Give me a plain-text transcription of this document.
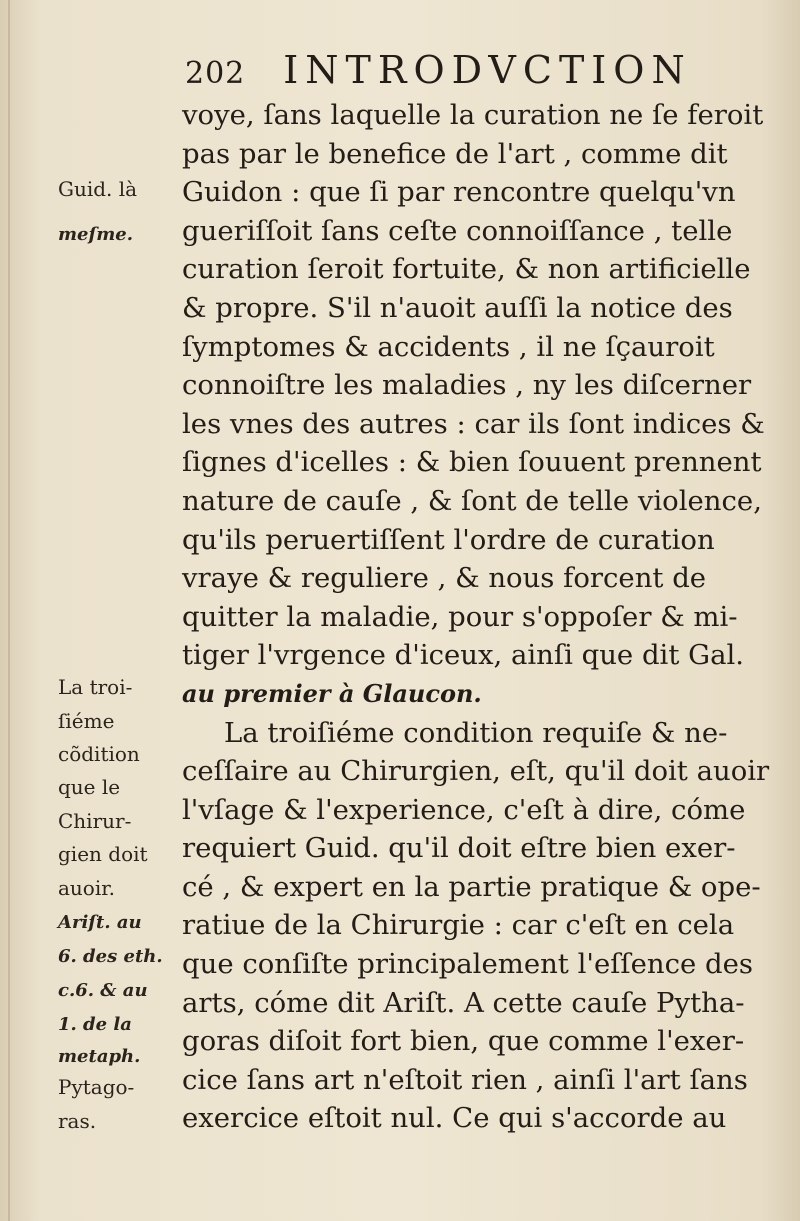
202 INTRODVCTION
Guid. là
meſme.
La troi-
ſiéme
cõdition
que le
Chirur-
gien doit
auoir.
Ariſt. au
6. des eth.
c.6. & au
1. de la
metaph.
Pytago-
ras.
voye, ſans laquelle la curation ne ſe feroit
pas par le benefice de l'art , comme dit
Guidon : que ſi par rencontre quelqu'vn
gueriſſoit ſans ceſte connoiſſance , telle
curation ſeroit fortuite, & non artificielle
& propre. S'il n'auoit auſſi la notice des
ſymptomes & accidents , il ne ſçauroit
connoiſtre les maladies , ny les diſcerner
les vnes des autres : car ils ſont indices &
ſignes d'icelles : & bien ſouuent prennent
nature de cauſe , & ſont de telle violence,
qu'ils peruertiſſent l'ordre de curation
vraye & reguliere , & nous forcent de
quitter la maladie, pour s'oppoſer & mi-
tiger l'vrgence d'iceux, ainſi que dit Gal.
au premier à Glaucon.
La troiſiéme condition requiſe & ne-
ceſſaire au Chirurgien, eſt, qu'il doit auoir
l'vſage & l'experience, c'eſt à dire, cóme
requiert Guid. qu'il doit eſtre bien exer-
cé , & expert en la partie pratique & ope-
ratiue de la Chirurgie : car c'eſt en cela
que conſiſte principalement l'eſſence des
arts, cóme dit Ariſt. A cette cauſe Pytha-
goras diſoit fort bien, que comme l'exer-
cice ſans art n'eſtoit rien , ainſi l'art ſans
exercice eſtoit nul. Ce qui s'accorde au
